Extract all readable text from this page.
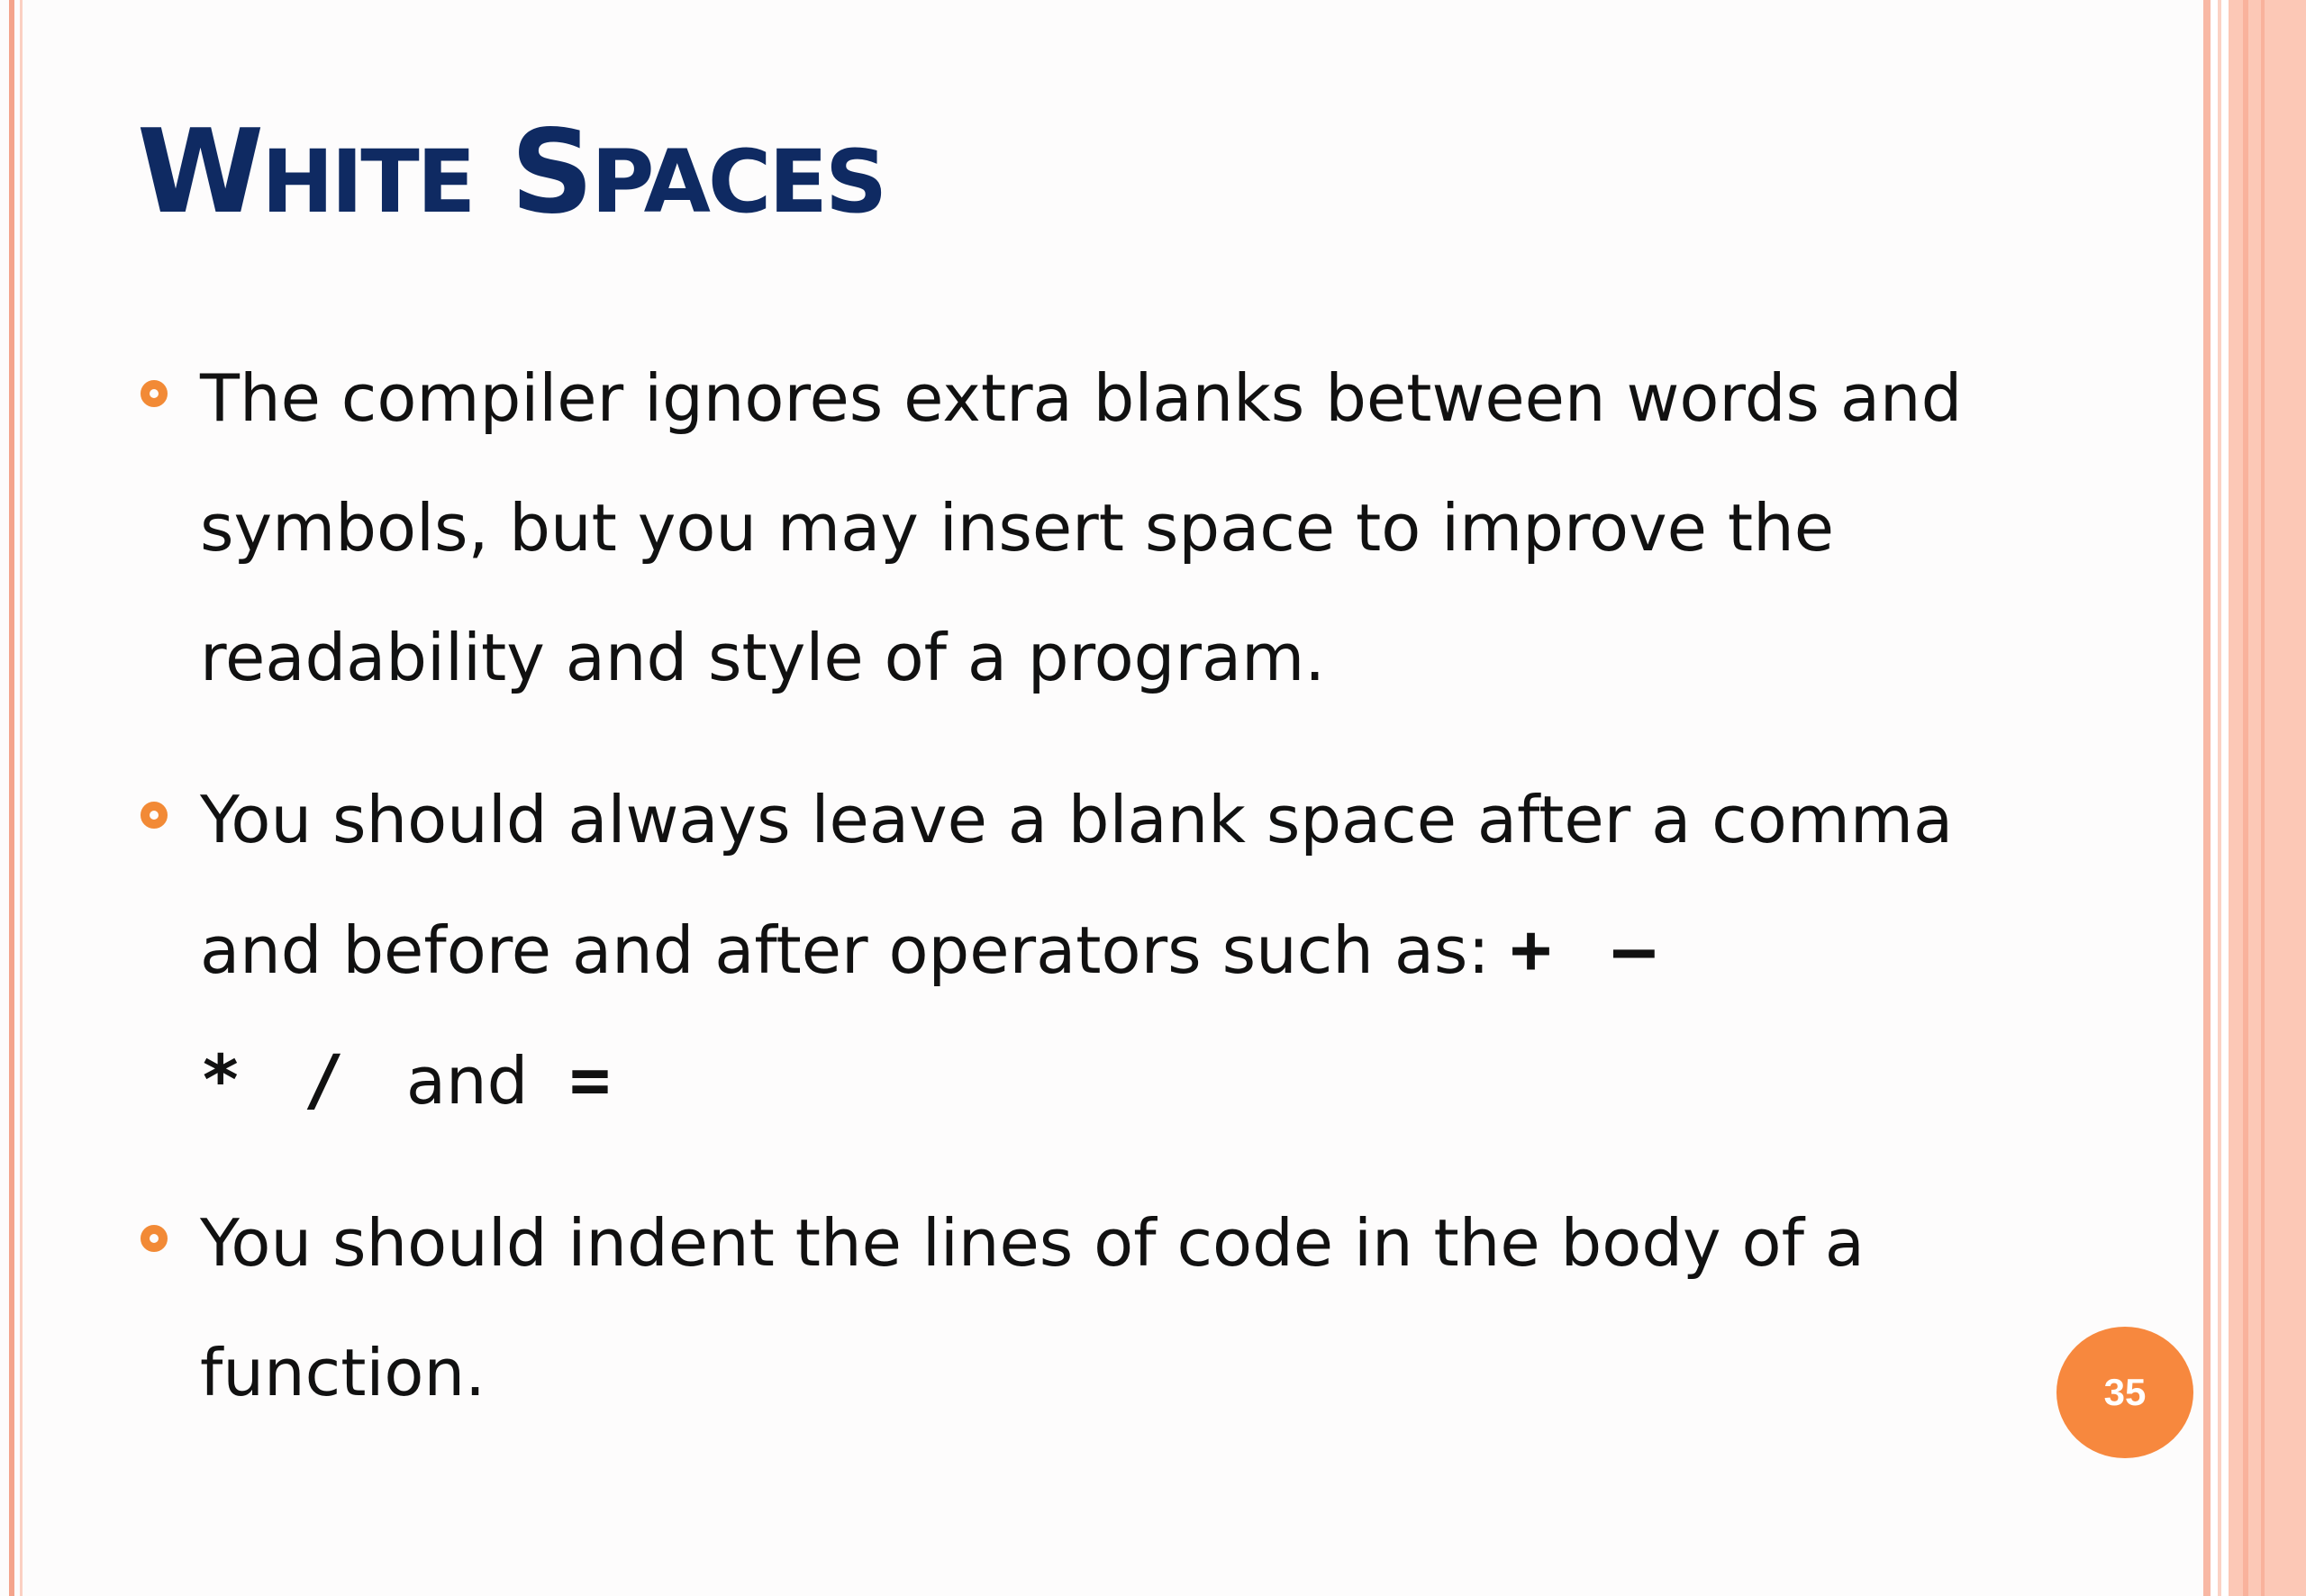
WHITE SPACES
The compiler ignores extra blanks between words and symbols, but you may insert space to improve the readability and style of a program.
You should always leave a blank space after a comma and before and after operators such as: + –
* / and =
You should indent the lines of code in the body of a function.	35
